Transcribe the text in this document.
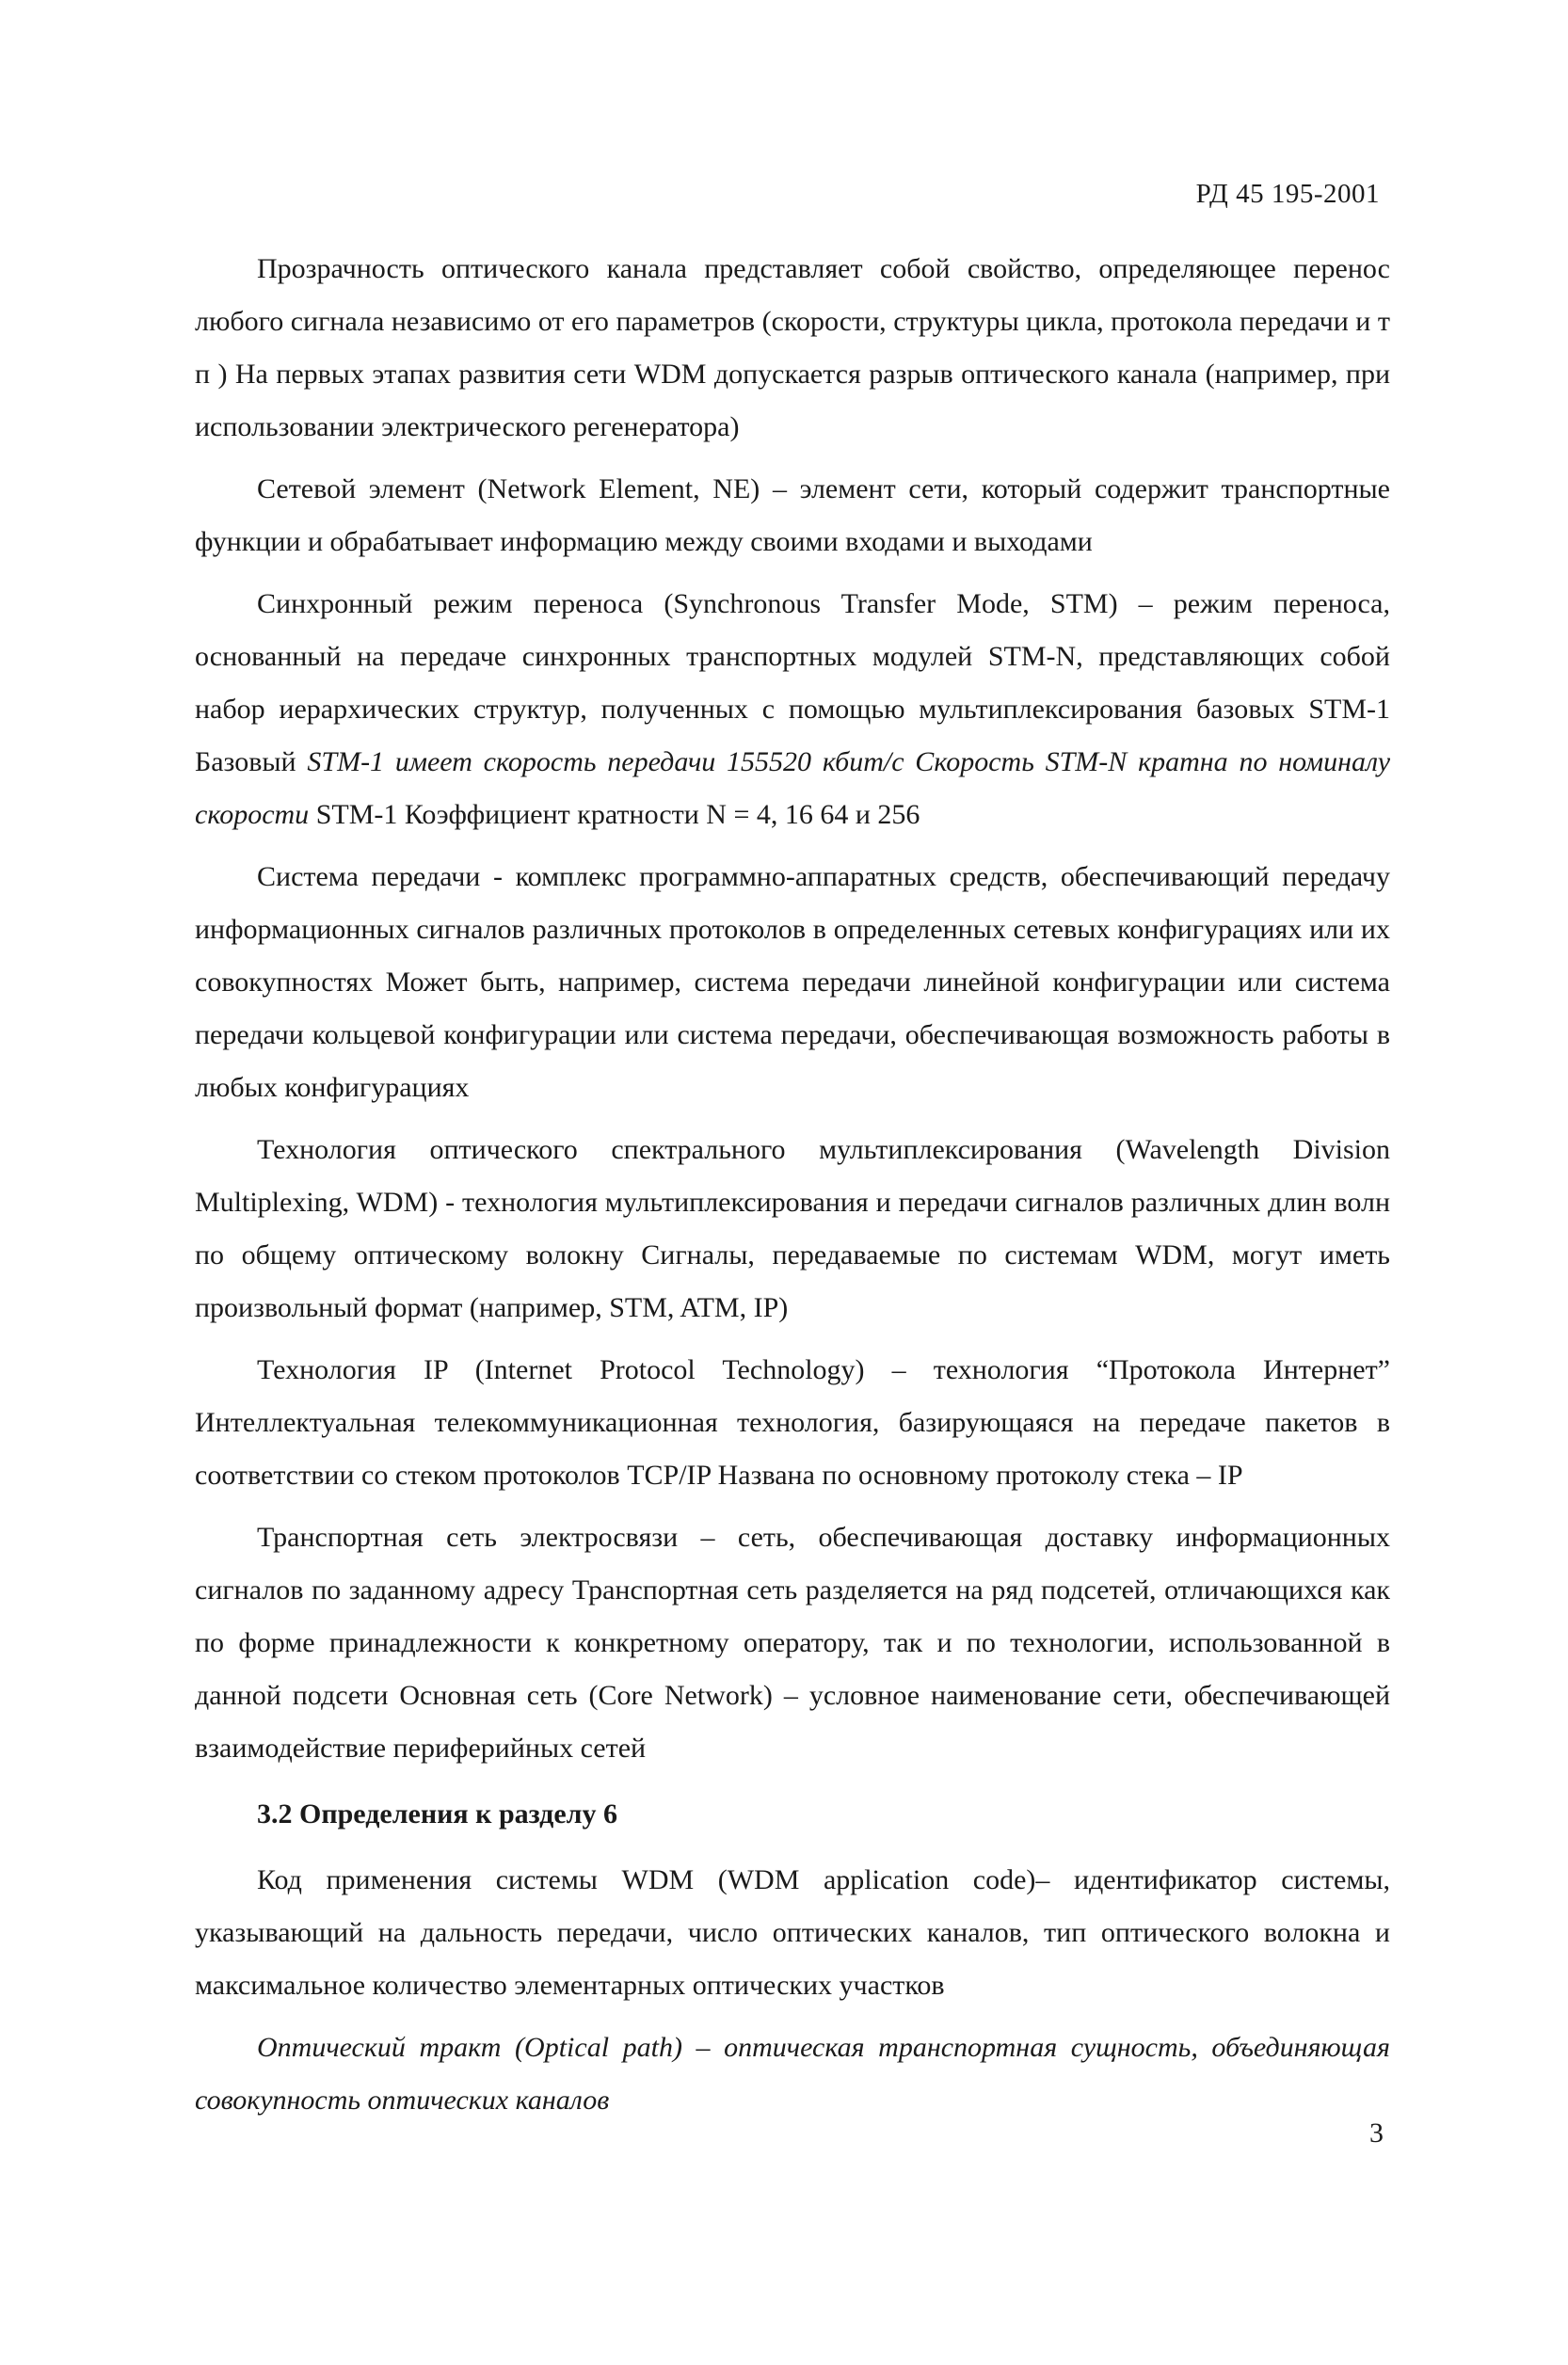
РД 45 195-2001

Прозрачность оптического канала представляет собой свойство, определяющее перенос любого сигнала независимо от его параметров (скорости, структуры цикла, протокола передачи и т п ) На первых этапах развития сети WDM допускается разрыв оптического канала (например, при использовании электрического регенератора)

Сетевой элемент (Network Element, NE) – элемент сети, который содержит транспортные функции и обрабатывает информацию между своими входами и выходами

Синхронный режим переноса (Synchronous Transfer Mode, STM) – режим переноса, основанный на передаче синхронных транспортных модулей STM-N, представляющих собой набор иерархических структур, полученных с помощью мультиплексирования базовых STM-1 Базовый STM-1 имеет скорость передачи 155520 кбит/с Скорость STM-N кратна по номиналу скорости STM-1 Коэффициент кратности N = 4, 16 64 и 256

Система передачи - комплекс программно-аппаратных средств, обеспечивающий передачу информационных сигналов различных протоколов в определенных сетевых конфигурациях или их совокупностях Может быть, например, система передачи линейной конфигурации или система передачи кольцевой конфигурации или система передачи, обеспечивающая возможность работы в любых конфигурациях

Технология оптического спектрального мультиплексирования (Wavelength Division Multiplexing, WDM) - технология мультиплексирования и передачи сигналов различных длин волн по общему оптическому волокну Сигналы, передаваемые по системам WDM, могут иметь произвольный формат (например, STM, ATM, IP)

Технология IP (Internet Protocol Technology) – технология “Протокола Интернет” Интеллектуальная телекоммуникационная технология, базирующаяся на передаче пакетов в соответствии со стеком протоколов TCP/IP Названа по основному протоколу стека – IP

Транспортная сеть электросвязи – сеть, обеспечивающая доставку информационных сигналов по заданному адресу Транспортная сеть разделяется на ряд подсетей, отличающихся как по форме принадлежности к конкретному оператору, так и по технологии, использованной в данной подсети Основная сеть (Core Network) – условное наименование сети, обеспечивающей взаимодействие периферийных сетей

3.2 Определения к разделу 6

Код применения системы WDM (WDM application code)– идентификатор системы, указывающий на дальность передачи, число оптических каналов, тип оптического волокна и максимальное количество элементарных оптических участков

Оптический тракт (Optical path) – оптическая транспортная сущность, объединяющая совокупность оптических каналов

3
